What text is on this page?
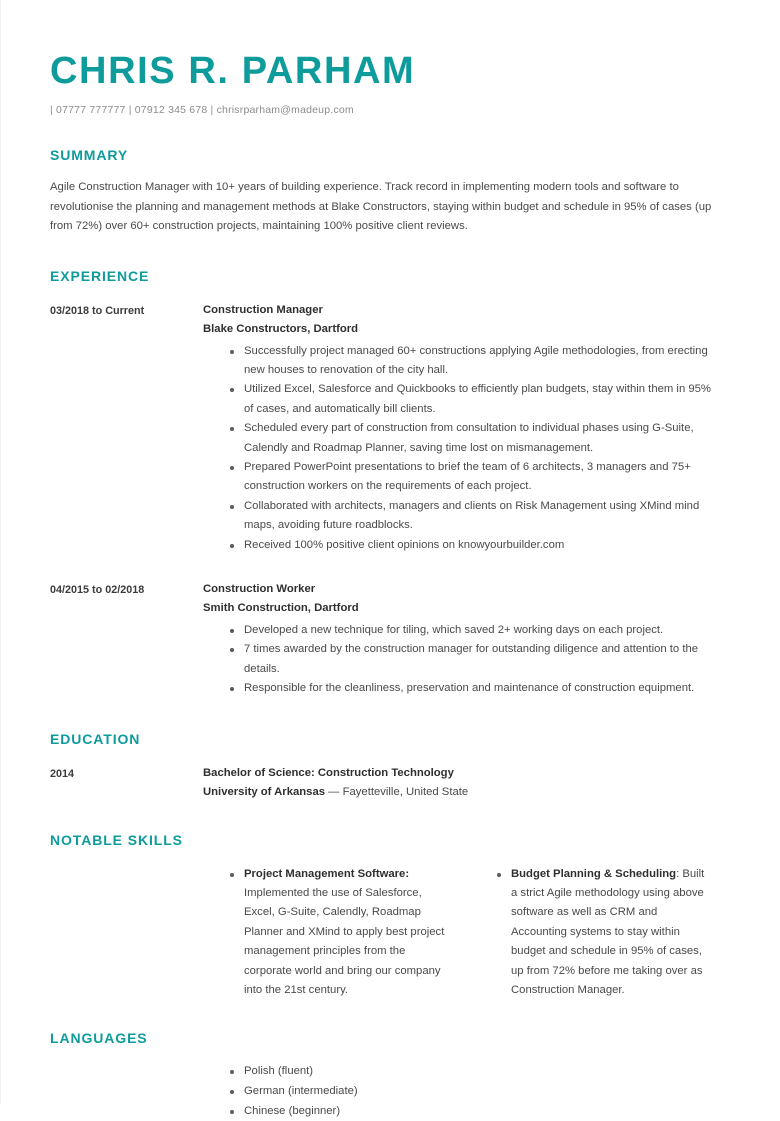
CHRIS R. PARHAM
| 07777 777777 | 07912 345 678 | chrisrparham@madeup.com
SUMMARY

Agile Construction Manager with 10+ years of building experience. Track record in implementing modern tools and software to revolutionise the planning and management methods at Blake Constructors, staying within budget and schedule in 95% of cases (up from 72%) over 60+ construction projects, maintaining 100% positive client reviews.

EXPERIENCE
03/2018 to Current	Construction Manager
Blake Constructors, Dartford
Successfully project managed 60+ constructions applying Agile methodologies, from erecting new houses to renovation of the city hall.
Utilized Excel, Salesforce and Quickbooks to efficiently plan budgets, stay within them in 95% of cases, and automatically bill clients.
Scheduled every part of construction from consultation to individual phases using G-Suite, Calendly and Roadmap Planner, saving time lost on mismanagement.
Prepared PowerPoint presentations to brief the team of 6 architects, 3 managers and 75+ construction workers on the requirements of each project.
Collaborated with architects, managers and clients on Risk Management using XMind mind maps, avoiding future roadblocks.
Received 100% positive client opinions on knowyourbuilder.com
04/2015 to 02/2018	Construction Worker
Smith Construction, Dartford
Developed a new technique for tiling, which saved 2+ working days on each project.
7 times awarded by the construction manager for outstanding diligence and attention to the details.
Responsible for the cleanliness, preservation and maintenance of construction equipment.
EDUCATION
2014	Bachelor of Science: Construction Technology
University of Arkansas — Fayetteville, United State
NOTABLE SKILLS
Project Management Software: Implemented the use of Salesforce, Excel, G-Suite, Calendly, Roadmap Planner and XMind to apply best project management principles from the corporate world and bring our company into the 21st century.
Budget Planning & Scheduling: Built a strict Agile methodology using above software as well as CRM and Accounting systems to stay within budget and schedule in 95% of cases, up from 72% before me taking over as Construction Manager.
LANGUAGES
Polish (fluent)
German (intermediate)
Chinese (beginner)
